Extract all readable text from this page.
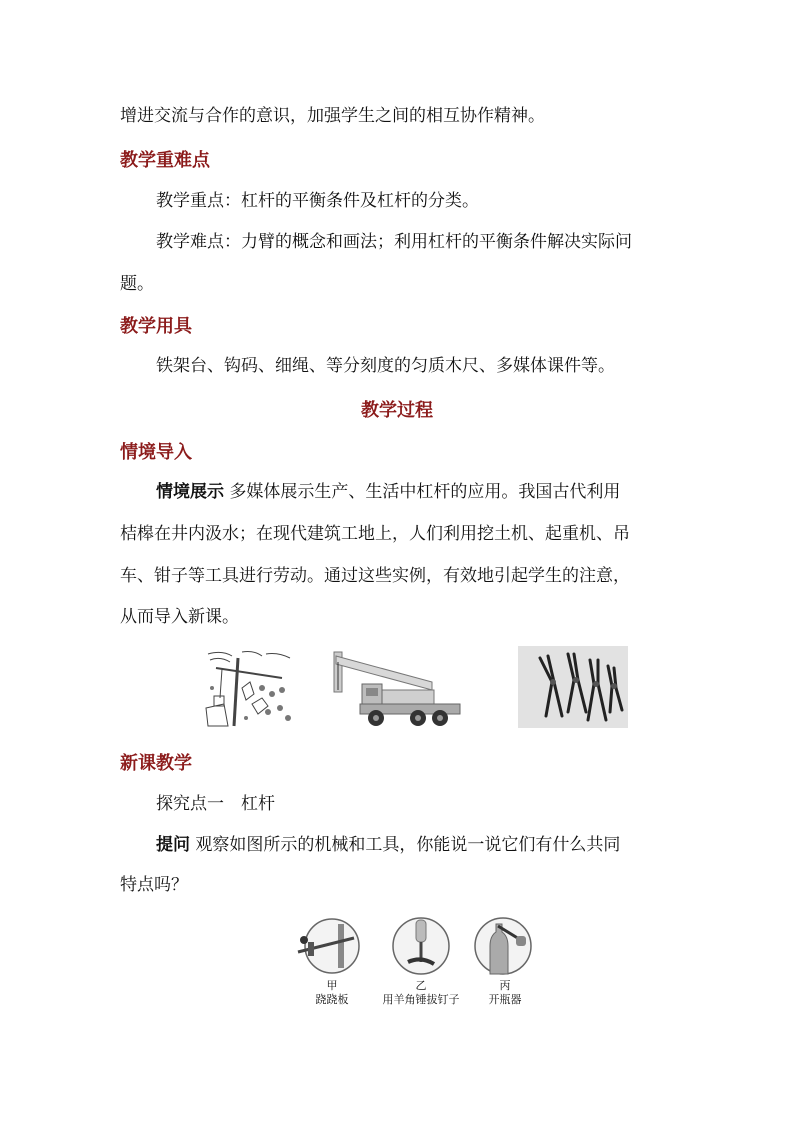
增进交流与合作的意识，加强学生之间的相互协作精神。
教学重难点
教学重点：杠杆的平衡条件及杠杆的分类。
教学难点：力臂的概念和画法；利用杠杆的平衡条件解决实际问
题。
教学用具
铁架台、钩码、细绳、等分刻度的匀质木尺、多媒体课件等。
教学过程
情境导入
情境展示 多媒体展示生产、生活中杠杆的应用。我国古代利用
桔槔在井内汲水；在现代建筑工地上，人们利用挖土机、起重机、吊
车、钳子等工具进行劳动。通过这些实例，有效地引起学生的注意，
从而导入新课。
新课教学
探究点一　杠杆
提问 观察如图所示的机械和工具，你能说一说它们有什么共同
特点吗？
甲
跷跷板
乙
用羊角锤拔钉子
丙
开瓶器
